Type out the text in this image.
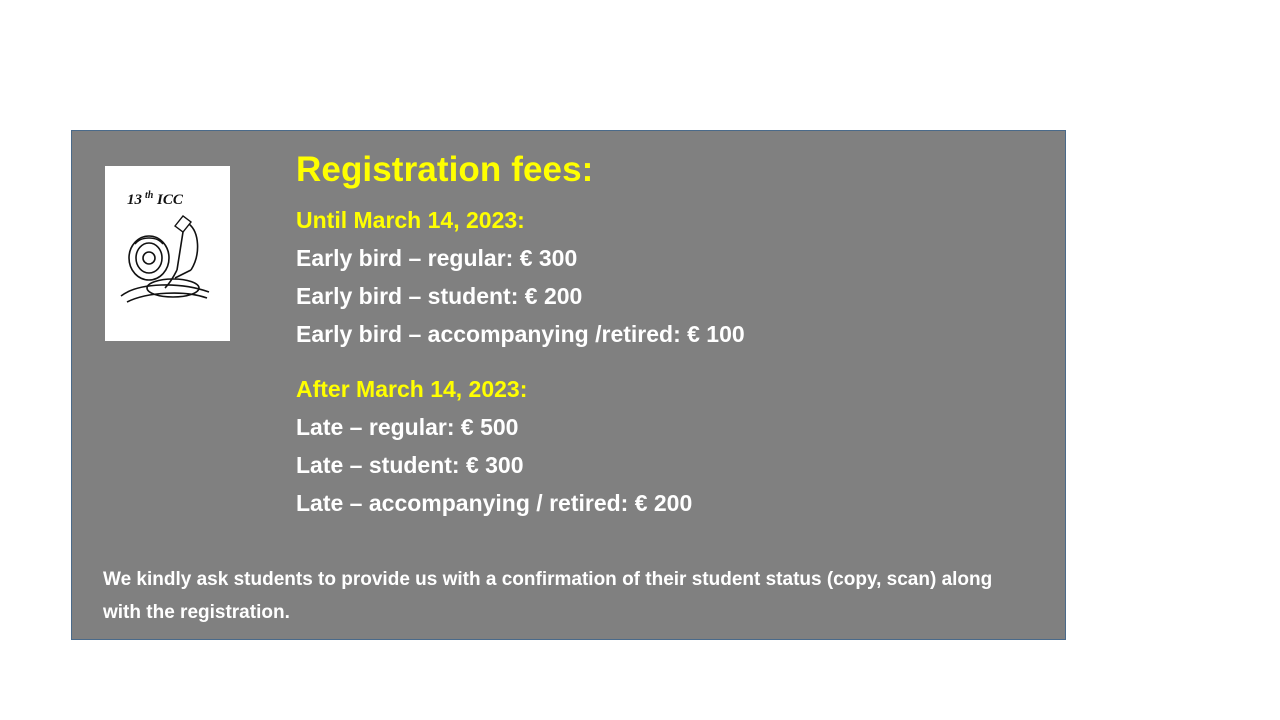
13 th ICC
Registration fees:

Until March 14, 2023:

Early bird – regular: € 300

Early bird – student: € 200

Early bird – accompanying /retired: € 100

After March 14, 2023:

Late – regular: € 500

Late – student: € 300

Late – accompanying / retired: € 200

We kindly ask students to provide us with a confirmation of their student status (copy, scan) along with the registration.
